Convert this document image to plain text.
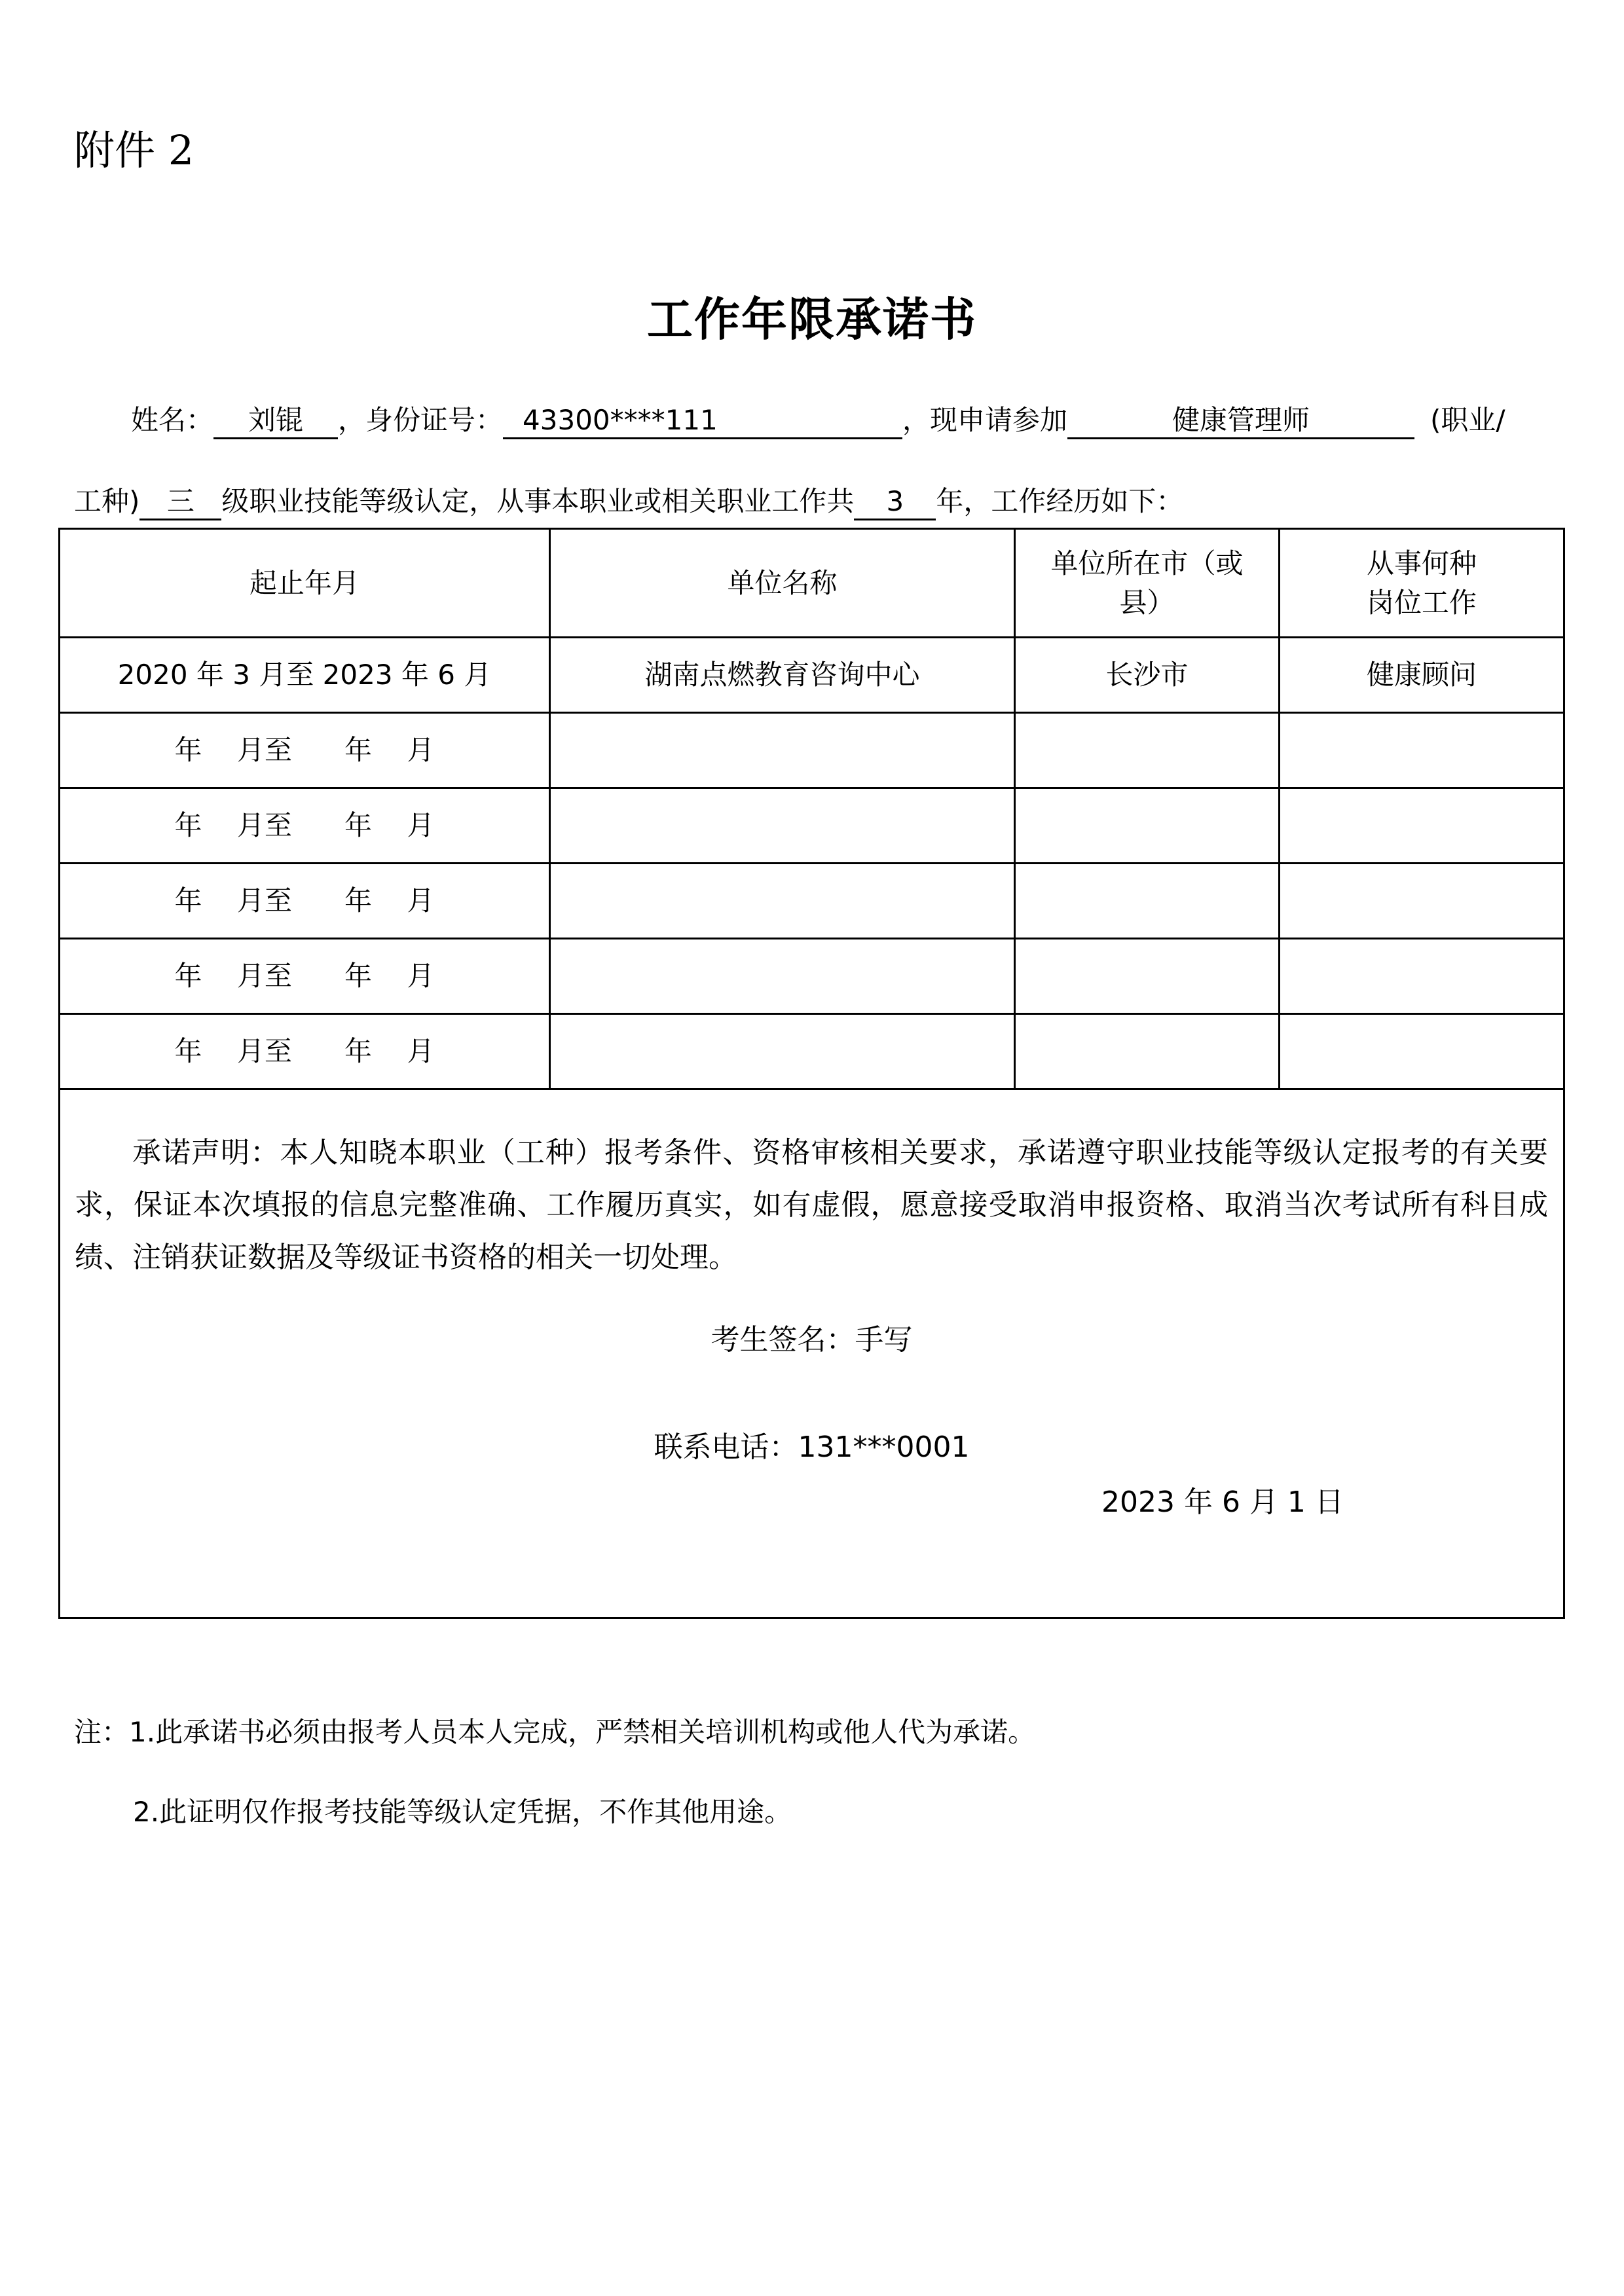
附件 2
工作年限承诺书
姓名： 刘锟 ，身份证号： 43300****111	，现申请参加	健康管理师	(职业/
工种) 三 级职业技能等级认定，从事本职业或相关职业工作共 3 年，工作经历如下：
起止年月	单位名称	单位所在市（或县）	从事何种岗位工作

2020 年 3 月至 2023 年 6 月	湖南点燃教育咨询中心	长沙市	健康顾问
年    月至      年    月			
年    月至      年    月			
年    月至      年    月			
年    月至      年    月			
年    月至      年    月			

承诺声明：本人知晓本职业（工种）报考条件、资格审核相关要求，承诺遵守职业技能等级认定报考的有关要求，保证本次填报的信息完整准确、工作履历真实，如有虚假，愿意接受取消申报资格、取消当次考试所有科目成绩、注销获证数据及等级证书资格的相关一切处理。
考生签名：手写
联系电话：131***0001
2023 年 6 月 1 日			
注：1.此承诺书必须由报考人员本人完成，严禁相关培训机构或他人代为承诺。
2.此证明仅作报考技能等级认定凭据，不作其他用途。
